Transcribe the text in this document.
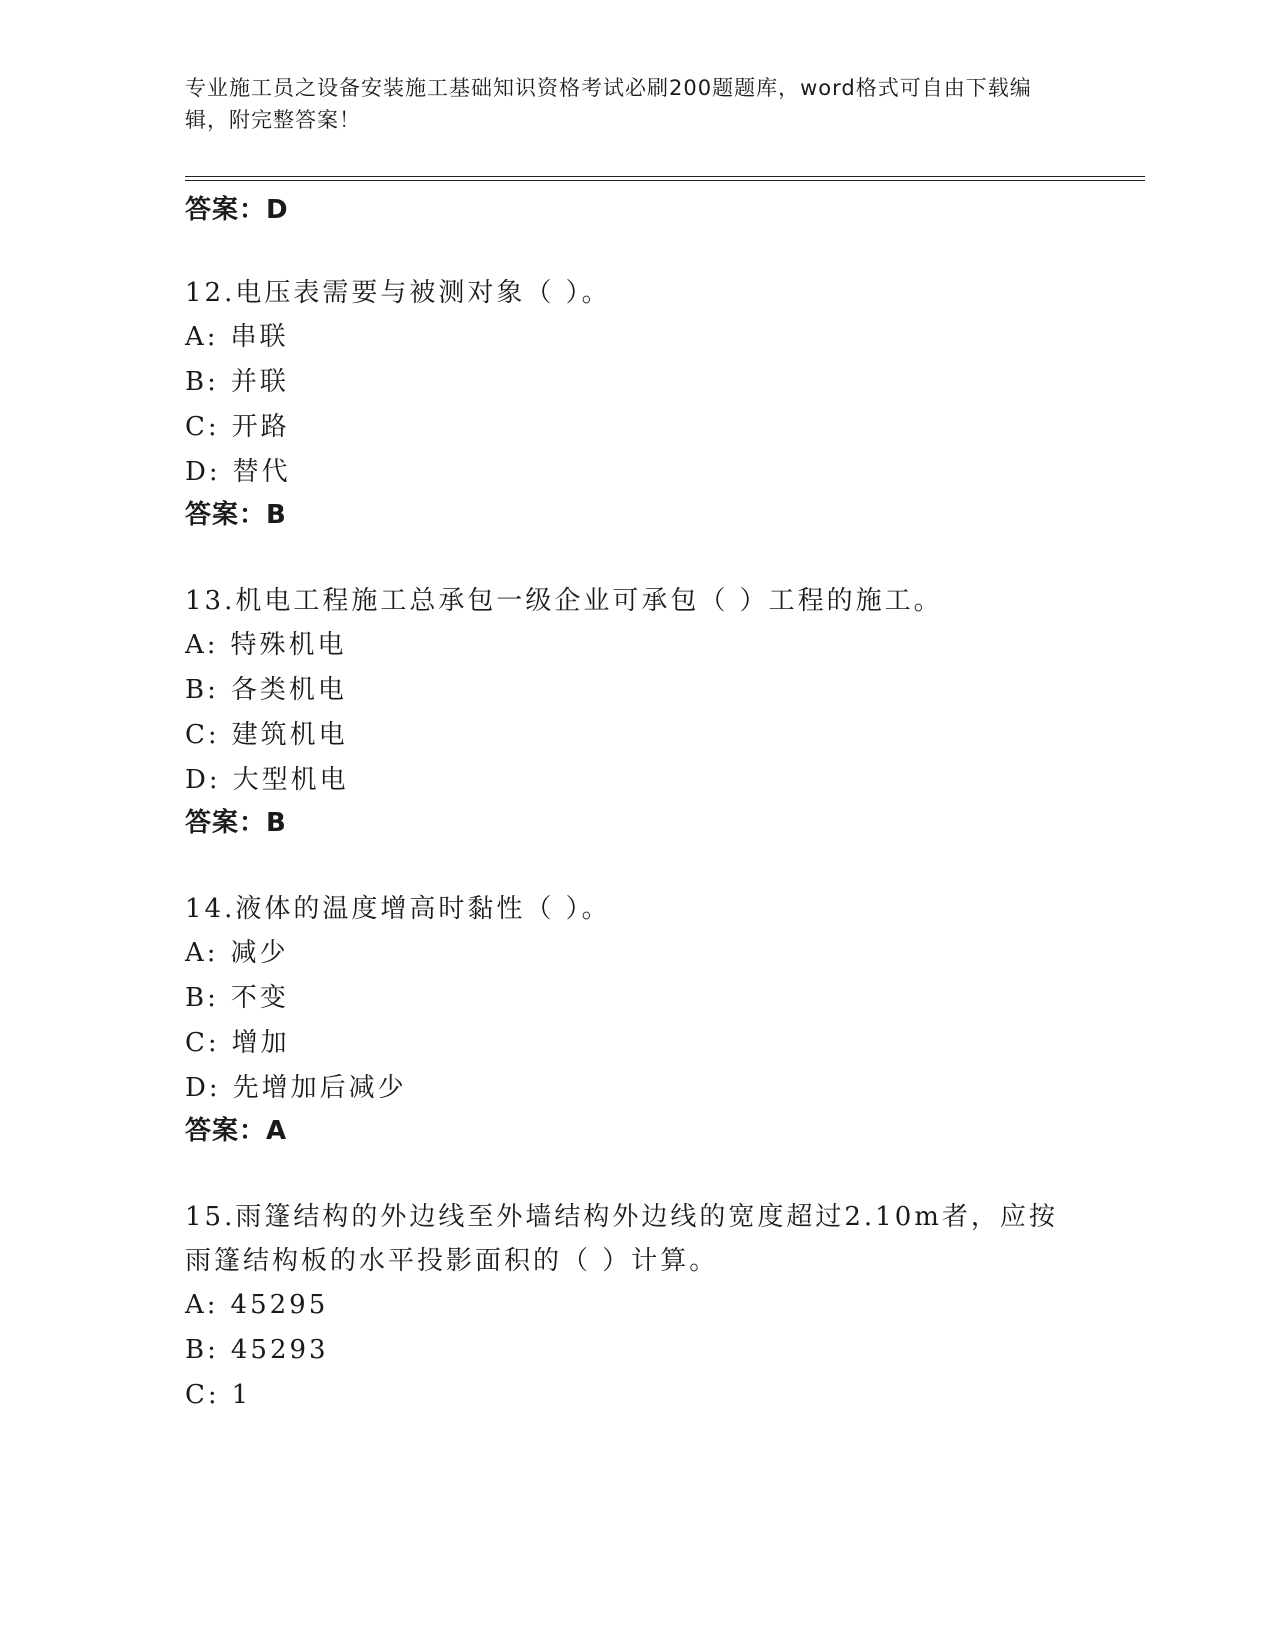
专业施工员之设备安装施工基础知识资格考试必刷200题题库，word格式可自由下载编辑，附完整答案！

答案：D

12.电压表需要与被测对象（ ）。

A: 串联

B: 并联

C: 开路

D: 替代

答案：B

13.机电工程施工总承包一级企业可承包（ ）工程的施工。

A: 特殊机电

B: 各类机电

C: 建筑机电

D: 大型机电

答案：B

14.液体的温度增高时黏性（ ）。

A: 减少

B: 不变

C: 增加

D: 先增加后减少

答案：A

15.雨篷结构的外边线至外墙结构外边线的宽度超过2.10m者，应按雨篷结构板的水平投影面积的（ ）计算。

A: 45295

B: 45293

C: 1
